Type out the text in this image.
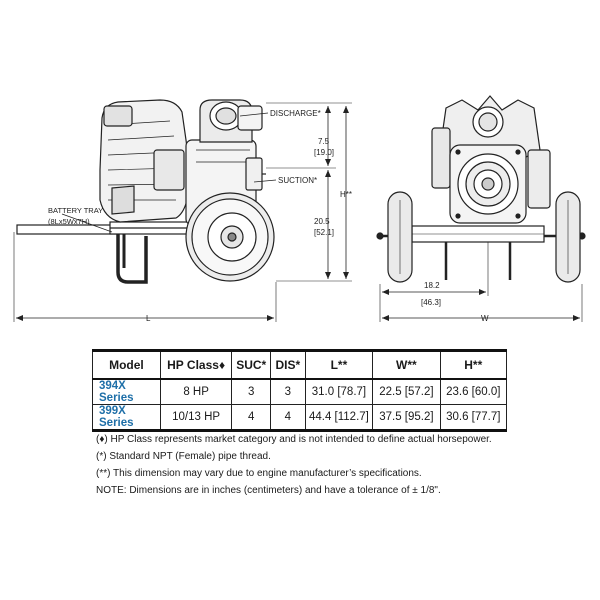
DISCHARGE*
SUCTION*
BATTERY TRAY
(8Lx5Wx7H)
7.5
[19.0]
20.5
[52.1]
H**
L
18.2
[46.3]
W
Model	HP Class♦	SUC*	DIS*	L**	W**	H**
394X Series	8 HP	3	3	31.0 [78.7]	22.5 [57.2]	23.6 [60.0]
399X Series	10/13 HP	4	4	44.4 [112.7]	37.5 [95.2]	30.6 [77.7]
(♦) HP Class represents market category and is not intended to define actual horsepower.
(*) Standard NPT (Female) pipe thread.
(**) This dimension may vary due to engine manufacturer’s specifications.
NOTE: Dimensions are in inches (centimeters) and have a tolerance of ± 1/8".
